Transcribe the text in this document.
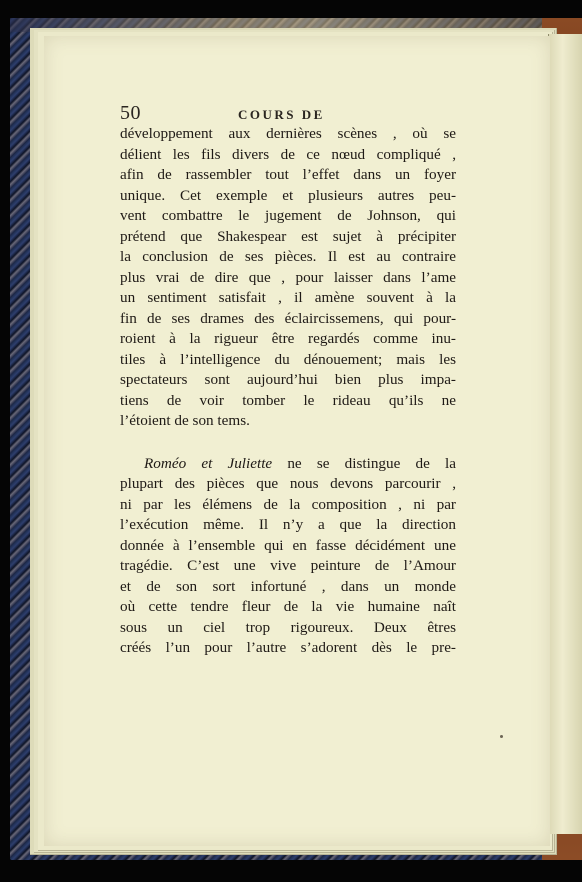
50	COURS DE
développement aux dernières scènes , où se
délient les fils divers de ce nœud compliqué ,
afin de rassembler tout l’effet dans un foyer
unique. Cet exemple et plusieurs autres peu-
vent combattre le jugement de Johnson, qui
prétend que Shakespear est sujet à précipiter
la conclusion de ses pièces. Il est au contraire
plus vrai de dire que , pour laisser dans l’ame
un sentiment satisfait , il amène souvent à la
fin de ses drames des éclaircissemens, qui pour-
roient à la rigueur être regardés comme inu-
tiles à l’intelligence du dénouement; mais les
spectateurs sont aujourd’hui bien plus impa-
tiens de voir tomber le rideau qu’ils ne
l’étoient de son tems.
Roméo et Juliette ne se distingue de la
plupart des pièces que nous devons parcourir ,
ni par les élémens de la composition , ni par
l’exécution même. Il n’y a que la direction
donnée à l’ensemble qui en fasse décidément une
tragédie. C’est une vive peinture de l’Amour
et de son sort infortuné , dans un monde
où cette tendre fleur de la vie humaine naît
sous un ciel trop rigoureux. Deux êtres
créés l’un pour l’autre s’adorent dès le pre-
